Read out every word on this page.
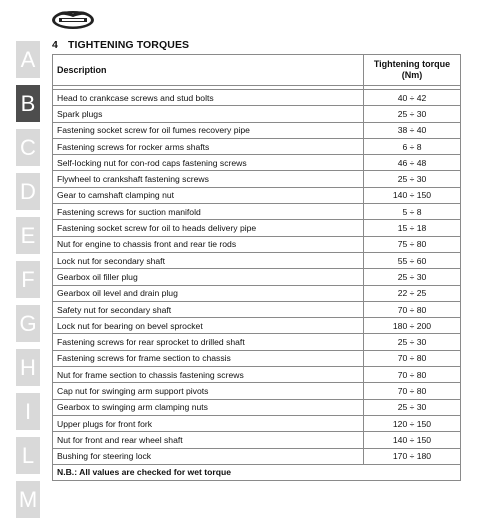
A
B
C
D
E
F
G
H
I
L
M
4 TIGHTENING TORQUES
Description	Tightening torque
(Nm)

Head to crankcase screws and stud bolts	40 ÷ 42
Spark plugs	25 ÷ 30
Fastening socket screw for oil fumes recovery pipe	38 ÷ 40
Fastening screws for rocker arms shafts	6 ÷ 8
Self-locking nut for con-rod caps fastening screws	46 ÷ 48
Flywheel to crankshaft fastening screws	25 ÷ 30
Gear to camshaft clamping nut	140 ÷ 150
Fastening screws for suction manifold	5 ÷ 8
Fastening socket screw for oil to heads delivery pipe	15 ÷ 18
Nut for engine to chassis front and rear tie rods	75 ÷ 80
Lock nut for secondary shaft	55 ÷ 60
Gearbox oil filler plug	25 ÷ 30
Gearbox oil level and drain plug	22 ÷ 25
Safety nut for secondary shaft	70 ÷ 80
Lock nut for bearing on bevel sprocket	180 ÷ 200
Fastening screws for rear sprocket to drilled shaft	25 ÷ 30
Fastening screws for frame section to chassis	70 ÷ 80
Nut for frame section to chassis fastening screws	70 ÷ 80
Cap nut for swinging arm support pivots	70 ÷ 80
Gearbox to swinging arm clamping nuts	25 ÷ 30
Upper plugs for front fork	120 ÷ 150
Nut for front and rear wheel shaft	140 ÷ 150
Bushing for steering lock	170 ÷ 180
N.B.: All values are checked for wet torque	
